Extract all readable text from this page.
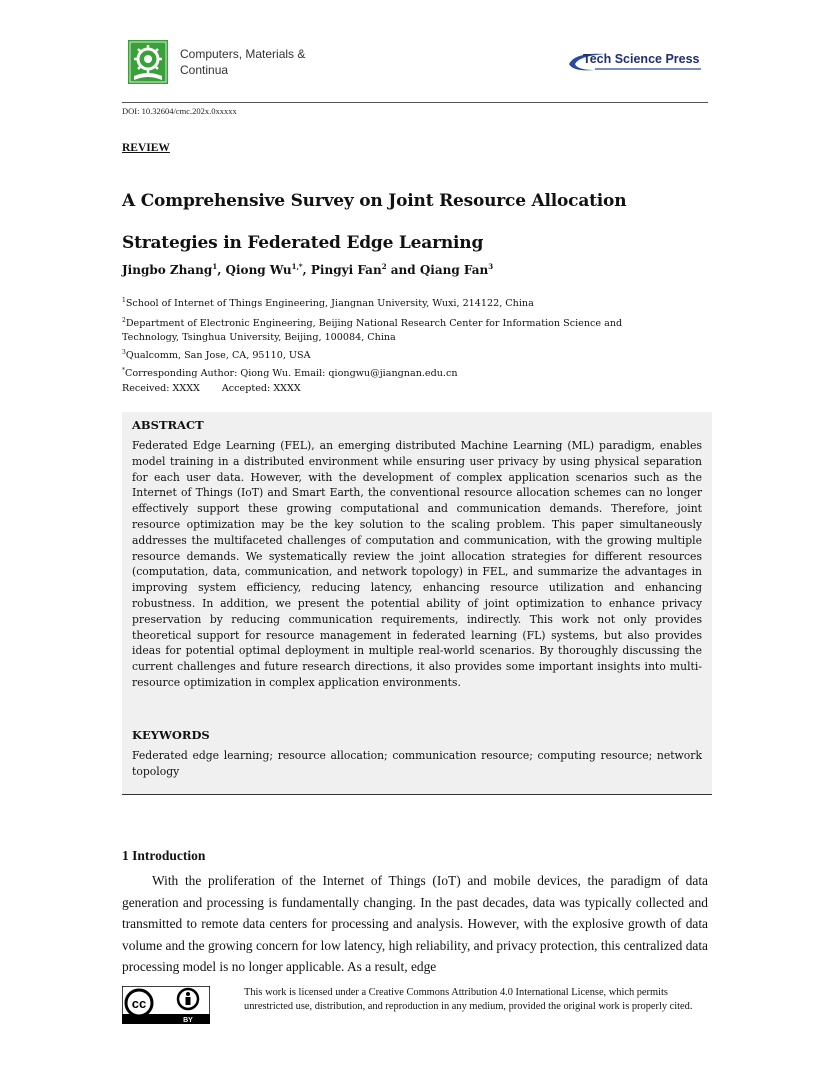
Computers, Materials & Continua
Tech Science Press
DOI: 10.32604/cmc.202x.0xxxxx
REVIEW
A Comprehensive Survey on Joint Resource Allocation Strategies in Federated Edge Learning
Jingbo Zhang$^1$, Qiong $Wu^{1,*}$, Pingyi Fan$^2$ and Qiang Fan$^3$
$^1$School of Internet of Things Engineering, Jiangnan University, Wuxi, 214122, China
$^2$Department of Electronic Engineering, Beijing National Research Center for Information Science and Technology, Tsinghua University, Beijing, 100084, China
$^3$Qualcomm, San Jose, CA, 95110, USA
*Corresponding Author: Qiong Wu. Email: qiongwu@jiangnan.edu.cn
Received: XXXX Accepted: XXXX
ABSTRACT
Federated Edge Learning (FEL), an emerging distributed Machine Learning (ML) paradigm, enables model training in a distributed environment while ensuring user privacy by using physical separation for each user data. However, with the development of complex application scenarios such as the Internet of Things (IoT) and Smart Earth, the conventional resource allocation schemes can no longer effectively support these growing computational and communication demands. Therefore, joint resource optimization may be the key solution to the scaling problem. This paper simultaneously addresses the multifaceted challenges of computation and communication, with the growing multiple resource demands. We systematically review the joint allocation strategies for different resources (computation, data, communication, and network topology) in FEL, and summarize the advantages in improving system efficiency, reducing latency, enhancing resource utilization and enhancing robustness. In addition, we present the potential ability of joint optimization to enhance privacy preservation by reducing communication requirements, indirectly. This work not only provides theoretical support for resource management in federated learning (FL) systems, but also provides ideas for potential optimal deployment in multiple real-world scenarios. By thoroughly discussing the current challenges and future research directions, it also provides some important insights into multi-resource optimization in complex application environments.
KEYWORDS
Federated edge learning; resource allocation; communication resource; computing resource; network topology
1 Introduction
With the proliferation of the Internet of Things (IoT) and mobile devices, the paradigm of data generation and processing is fundamentally changing. In the past decades, data was typically collected and transmitted to remote data centers for processing and analysis. However, with the explosive growth of data volume and the growing concern for low latency, high reliability, and privacy protection, this centralized data processing model is no longer applicable. As a result, edge
cc
BY
This work is licensed under a Creative Commons Attribution 4.0 International License, which permits unrestricted use, distribution, and reproduction in any medium, provided the original work is properly cited.
